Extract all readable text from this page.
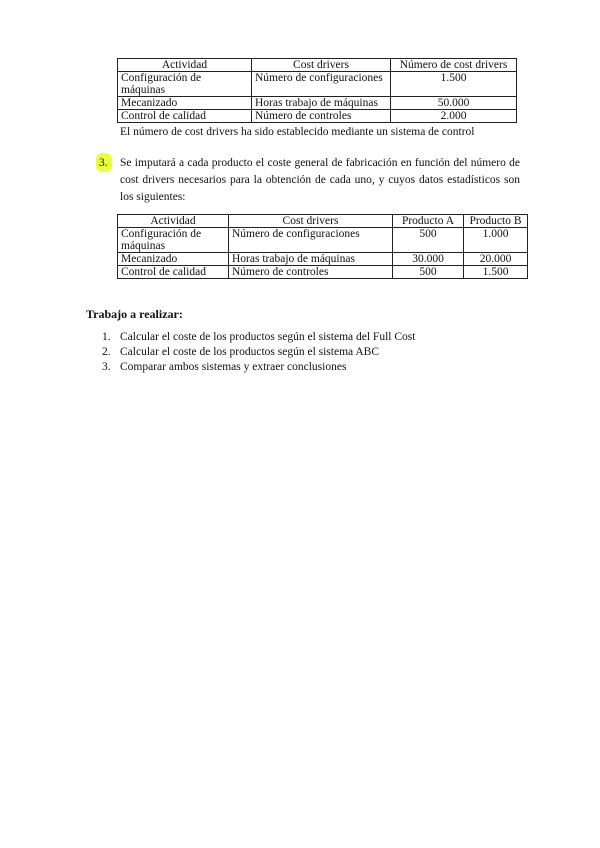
Actividad	Cost drivers	Número de cost drivers
Configuración de máquinas	Número de configuraciones	1.500
Mecanizado	Horas trabajo de máquinas	50.000
Control de calidad	Número de controles	2.000
El número de cost drivers ha sido establecido mediante un sistema de control
3. Se imputará a cada producto el coste general de fabricación en función del número de cost drivers necesarios para la obtención de cada uno, y cuyos datos estadísticos son los siguientes:
Actividad	Cost drivers	Producto A	Producto B
Configuración de máquinas	Número de configuraciones	500	1.000
Mecanizado	Horas trabajo de máquinas	30.000	20.000
Control de calidad	Número de controles	500	1.500
Trabajo a realizar:
1. Calcular el coste de los productos según el sistema del Full Cost
2. Calcular el coste de los productos según el sistema ABC
3. Comparar ambos sistemas y extraer conclusiones
